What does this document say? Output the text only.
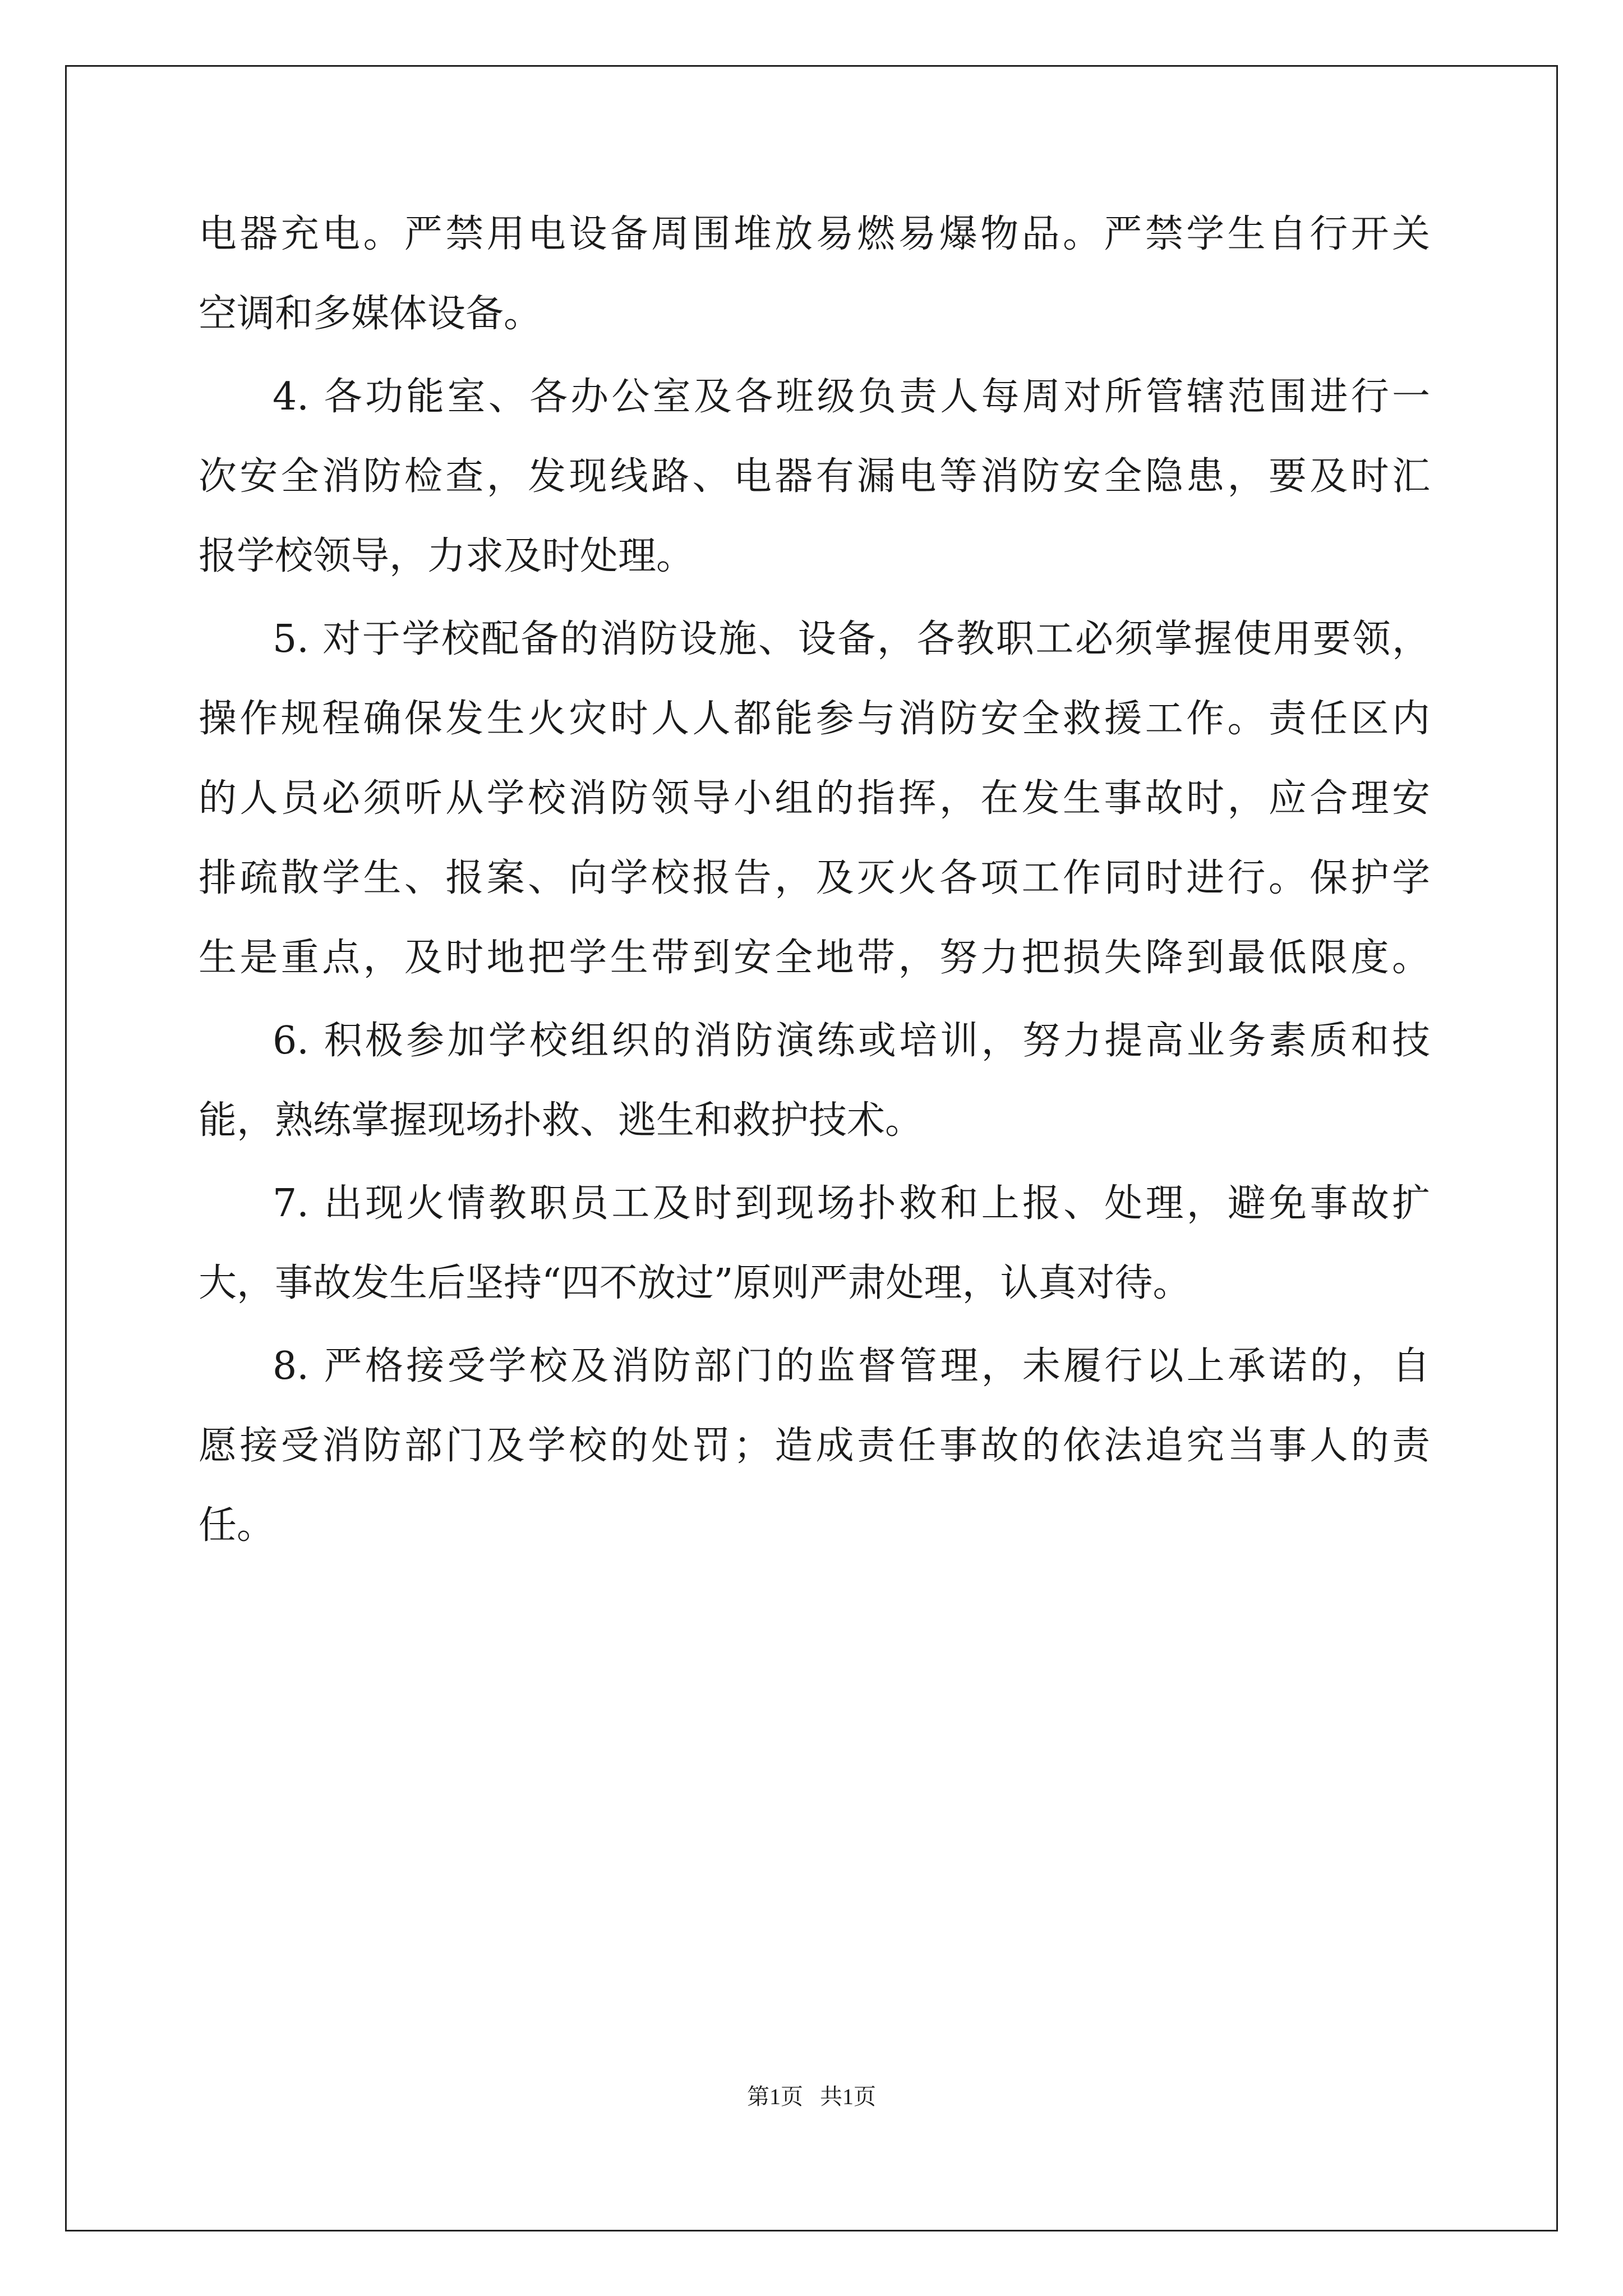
电器充电。严禁用电设备周围堆放易燃易爆物品。严禁学生自行开关
空调和多媒体设备。
4. 各功能室、各办公室及各班级负责人每周对所管辖范围进行一
次安全消防检查，发现线路、电器有漏电等消防安全隐患，要及时汇
报学校领导，力求及时处理。
5. 对于学校配备的消防设施、设备，各教职工必须掌握使用要领，
操作规程确保发生火灾时人人都能参与消防安全救援工作。责任区内
的人员必须听从学校消防领导小组的指挥，在发生事故时，应合理安
排疏散学生、报案、向学校报告，及灭火各项工作同时进行。保护学
生是重点，及时地把学生带到安全地带，努力把损失降到最低限度。
6. 积极参加学校组织的消防演练或培训，努力提高业务素质和技
能，熟练掌握现场扑救、逃生和救护技术。
7. 出现火情教职员工及时到现场扑救和上报、处理，避免事故扩
大，事故发生后坚持“四不放过”原则严肃处理，认真对待。
8. 严格接受学校及消防部门的监督管理，未履行以上承诺的，自
愿接受消防部门及学校的处罚；造成责任事故的依法追究当事人的责
任。
第1页   共1页
